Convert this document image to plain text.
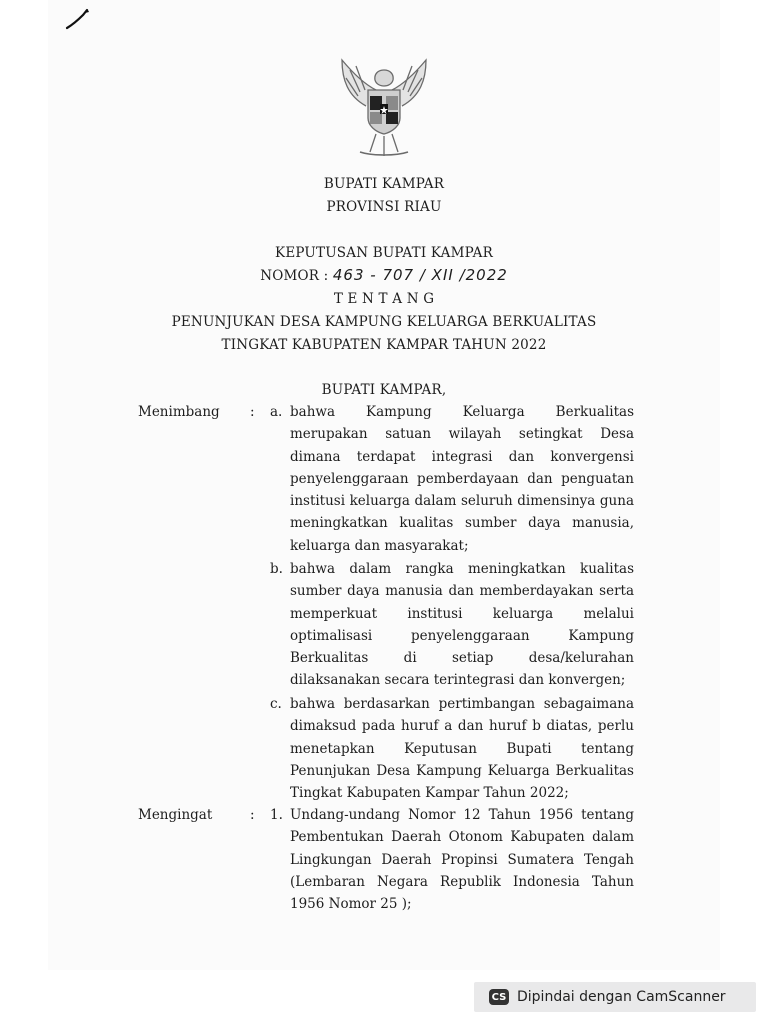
BUPATI KAMPAR
PROVINSI RIAU
KEPUTUSAN BUPATI KAMPAR
NOMOR : 463 - 707 / XII /2022
T E N T A N G
PENUNJUKAN DESA KAMPUNG KELUARGA BERKUALITAS
TINGKAT KABUPATEN KAMPAR TAHUN 2022
BUPATI KAMPAR,
Menimbang : a. bahwa Kampung Keluarga Berkualitas merupakan satuan wilayah setingkat Desa dimana terdapat integrasi dan konvergensi penyelenggaraan pemberdayaan dan penguatan institusi keluarga dalam seluruh dimensinya guna meningkatkan kualitas sumber daya manusia, keluarga dan masyarakat;
b. bahwa dalam rangka meningkatkan kualitas sumber daya manusia dan memberdayakan serta memperkuat institusi keluarga melalui optimalisasi penyelenggaraan Kampung Berkualitas di setiap desa/kelurahan dilaksanakan secara terintegrasi dan konvergen;
c. bahwa berdasarkan pertimbangan sebagaimana dimaksud pada huruf a dan huruf b diatas, perlu menetapkan Keputusan Bupati tentang Penunjukan Desa Kampung Keluarga Berkualitas Tingkat Kabupaten Kampar Tahun 2022;
Mengingat	: 1. Undang-undang Nomor 12 Tahun 1956 tentang Pembentukan Daerah Otonom Kabupaten dalam Lingkungan Daerah Propinsi Sumatera Tengah (Lembaran Negara Republik Indonesia Tahun 1956 Nomor 25 );
CS Dipindai dengan CamScanner
